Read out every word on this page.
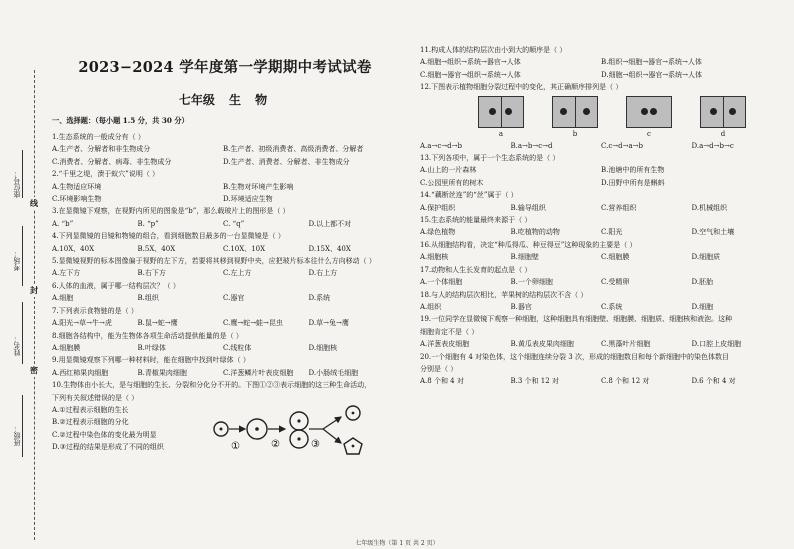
座位号：
考场：
姓名：
班级：
线
封
密
2023−2024 学年度第一学期期中考试试卷
七年级 生 物
一、选择题：（每小题 1.5 分，共 30 分）
1.生态系统的一般成分有（ ）
A.生产者、分解者和非生物成分	B.生产者、初级消费者、高级消费者、分解者
C.消费者、分解者、病毒、非生物成分	D.生产者、消费者、分解者、非生物成分
2.“千里之堤，溃于蚁穴”说明（ ）
A.生物适应环境	B.生物对环境产生影响
C.环境影响生物	D.环境适应生物
3.在显微镜下观察，在视野内所见的图象是“b”，那么载玻片上的图形是（ ）
A. “b”	B. “p”	C. “q”	D.以上都不对
4.下列显微镜的目镜和物镜的组合，看到细胞数目最多的一台显微镜是（ ）
A.10X、40X	B.5X、40X	C.10X、10X	D.15X、40X
5.显微镜视野的标本图像偏于视野的左下方，若要将其移到视野中央，应把玻片标本往什么方向移动（ ）
A.左下方	B.右下方	C.左上方	D.右上方
6.人体的血液，属于哪一结构层次？（ ）
A.细胞	B.组织	C.器官	D.系统
7.下列表示食物链的是（ ）
A.阳光→草→牛→虎	B.鼠→蛇→鹰	C.鹰→蛇→蛙→昆虫	D.草→兔→鹰
8.细胞各结构中，能为生物体各项生命活动提供能量的是（ ）
A.细胞膜	B.叶绿体	C.线粒体	D.细胞核
9.用显微镜观察下列哪一种材料时，能在细胞中找到叶绿体（ ）
A.西红柿果肉细胞	B.青椒果肉细胞	C.洋葱鳞片叶表皮细胞	D.小肠绒毛细胞
10.生物体由小长大，是与细胞的生长、分裂和分化分不开的。下图①②③表示细胞的这三种生命活动，
下列有关叙述错误的是（ ）
A.①过程表示细胞的生长
B.②过程表示细胞的分化
C.②过程中染色体的变化最为明显
D.③过程的结果是形成了不同的组织	①	②	③
11.构成人体的结构层次由小到大的顺序是（ ）
A.细胞→组织→系统→器官→人体	B.组织→细胞→器官→系统→人体
C.细胞→器官→组织→系统→人体	D.细胞→组织→器官→系统→人体
12.下图表示植物细胞分裂过程中的变化，其正确顺序排列是（ ）
a	b	c	d
A.a→c→d→b	B.a→b→c→d	C.c→d→a→b	D.a→d→b→c
13.下列各项中，属于一个生态系统的是（ ）
A.山上的一片森林	B.池塘中的所有生物
C.公园里所有的树木	D.田野中所有是蝌蚪
14.“藕断丝连”的“丝”属于（ ）
A.保护组织	B.输导组织	C.营养组织	D.机械组织
15.生态系统的能量最终来源于（ ）
A.绿色植物	B.吃植物的动物	C.阳光	D.空气和土壤
16.从细胞结构看，决定“种瓜得瓜、种豆得豆”这种现象的主要是（ ）
A.细胞核	B.细胞壁	C.细胞膜	D.细胞质
17.动物和人生长发育的起点是（ ）
A.一个体细胞	B.一个卵细胞	C.受精卵	D.胚胎
18.与人的结构层次相比，苹果树的结构层次不含（ ）
A.组织	B.器官	C.系统	D.细胞
19.一位同学在显微镜下观察一种细胞，这种细胞具有细胞壁、细胞膜、细胞质、细胞核和液泡。这种
细胞肯定不是（ ）
A.洋葱表皮细胞	B.黄瓜表皮果肉细胞	C.黑藻叶片细胞	D.口腔上皮细胞
20.一个细胞有 4 对染色体，这个细胞连续分裂 3 次，形成的细胞数目和每个新细胞中的染色体数目
分别是（ ）
A.8 个和 4 对	B.3 个和 12 对	C.8 个和 12 对	D.6 个和 4 对
七年级生物（第 1 页 共 2 页）
